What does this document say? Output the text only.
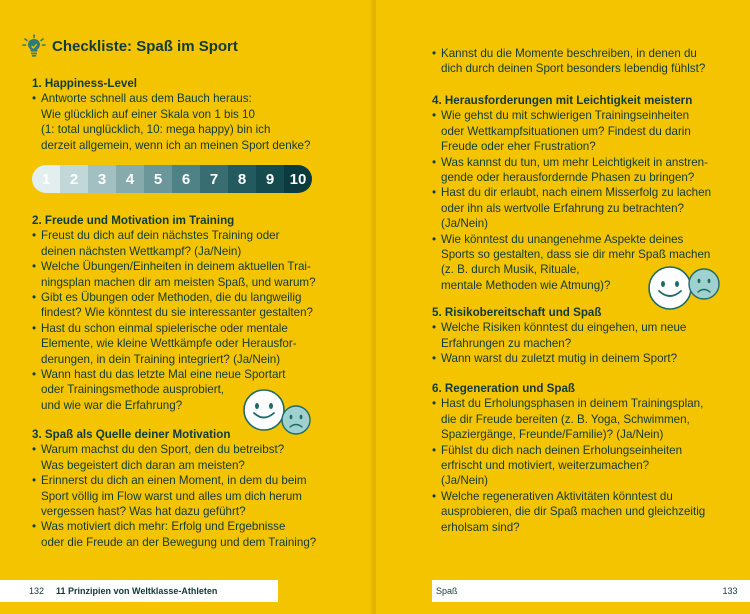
Checkliste: Spaß im Sport
1. Happiness-Level
• Antworte schnell aus dem Bauch heraus:
Wie glücklich auf einer Skala von 1 bis 10
(1: total unglücklich, 10: mega happy) bin ich
derzeit allgemein, wenn ich an meinen Sport denke?
1	2	3	4	5	6	7	8	9	10
2. Freude und Motivation im Training
• Freust du dich auf dein nächstes Training oder
deinen nächsten Wettkampf? (Ja/Nein)
• Welche Übungen/Einheiten in deinem aktuellen Trai-
ningsplan machen dir am meisten Spaß, und warum?
• Gibt es Übungen oder Methoden, die du langweilig
findest? Wie könntest du sie interessanter gestalten?
• Hast du schon einmal spielerische oder mentale
Elemente, wie kleine Wettkämpfe oder Herausfor-
derungen, in dein Training integriert? (Ja/Nein)
• Wann hast du das letzte Mal eine neue Sportart
oder Trainingsmethode ausprobiert,
und wie war die Erfahrung?
3. Spaß als Quelle deiner Motivation
• Warum machst du den Sport, den du betreibst?
Was begeistert dich daran am meisten?
• Erinnerst du dich an einen Moment, in dem du beim
Sport völlig im Flow warst und alles um dich herum
vergessen hast? Was hat dazu geführt?
• Was motiviert dich mehr: Erfolg und Ergebnisse
oder die Freude an der Bewegung und dem Training?
132	11 Prinzipien von Weltklasse-Athleten
• Kannst du die Momente beschreiben, in denen du
dich durch deinen Sport besonders lebendig fühlst?
4. Herausforderungen mit Leichtigkeit meistern
• Wie gehst du mit schwierigen Trainingseinheiten
oder Wettkampfsituationen um? Findest du darin
Freude oder eher Frustration?
• Was kannst du tun, um mehr Leichtigkeit in anstren-
gende oder herausfordernde Phasen zu bringen?
• Hast du dir erlaubt, nach einem Misserfolg zu lachen
oder ihn als wertvolle Erfahrung zu betrachten?
(Ja/Nein)
• Wie könntest du unangenehme Aspekte deines
Sports so gestalten, dass sie dir mehr Spaß machen
(z. B. durch Musik, Rituale,
mentale Methoden wie Atmung)?
5. Risikobereitschaft und Spaß
• Welche Risiken könntest du eingehen, um neue
Erfahrungen zu machen?
• Wann warst du zuletzt mutig in deinem Sport?
6. Regeneration und Spaß
• Hast du Erholungsphasen in deinem Trainingsplan,
die dir Freude bereiten (z. B. Yoga, Schwimmen,
Spaziergänge, Freunde/Familie)? (Ja/Nein)
• Fühlst du dich nach deinen Erholungseinheiten
erfrischt und motiviert, weiterzumachen?
(Ja/Nein)
• Welche regenerativen Aktivitäten könntest du
ausprobieren, die dir Spaß machen und gleichzeitig
erholsam sind?
Spaß	133
